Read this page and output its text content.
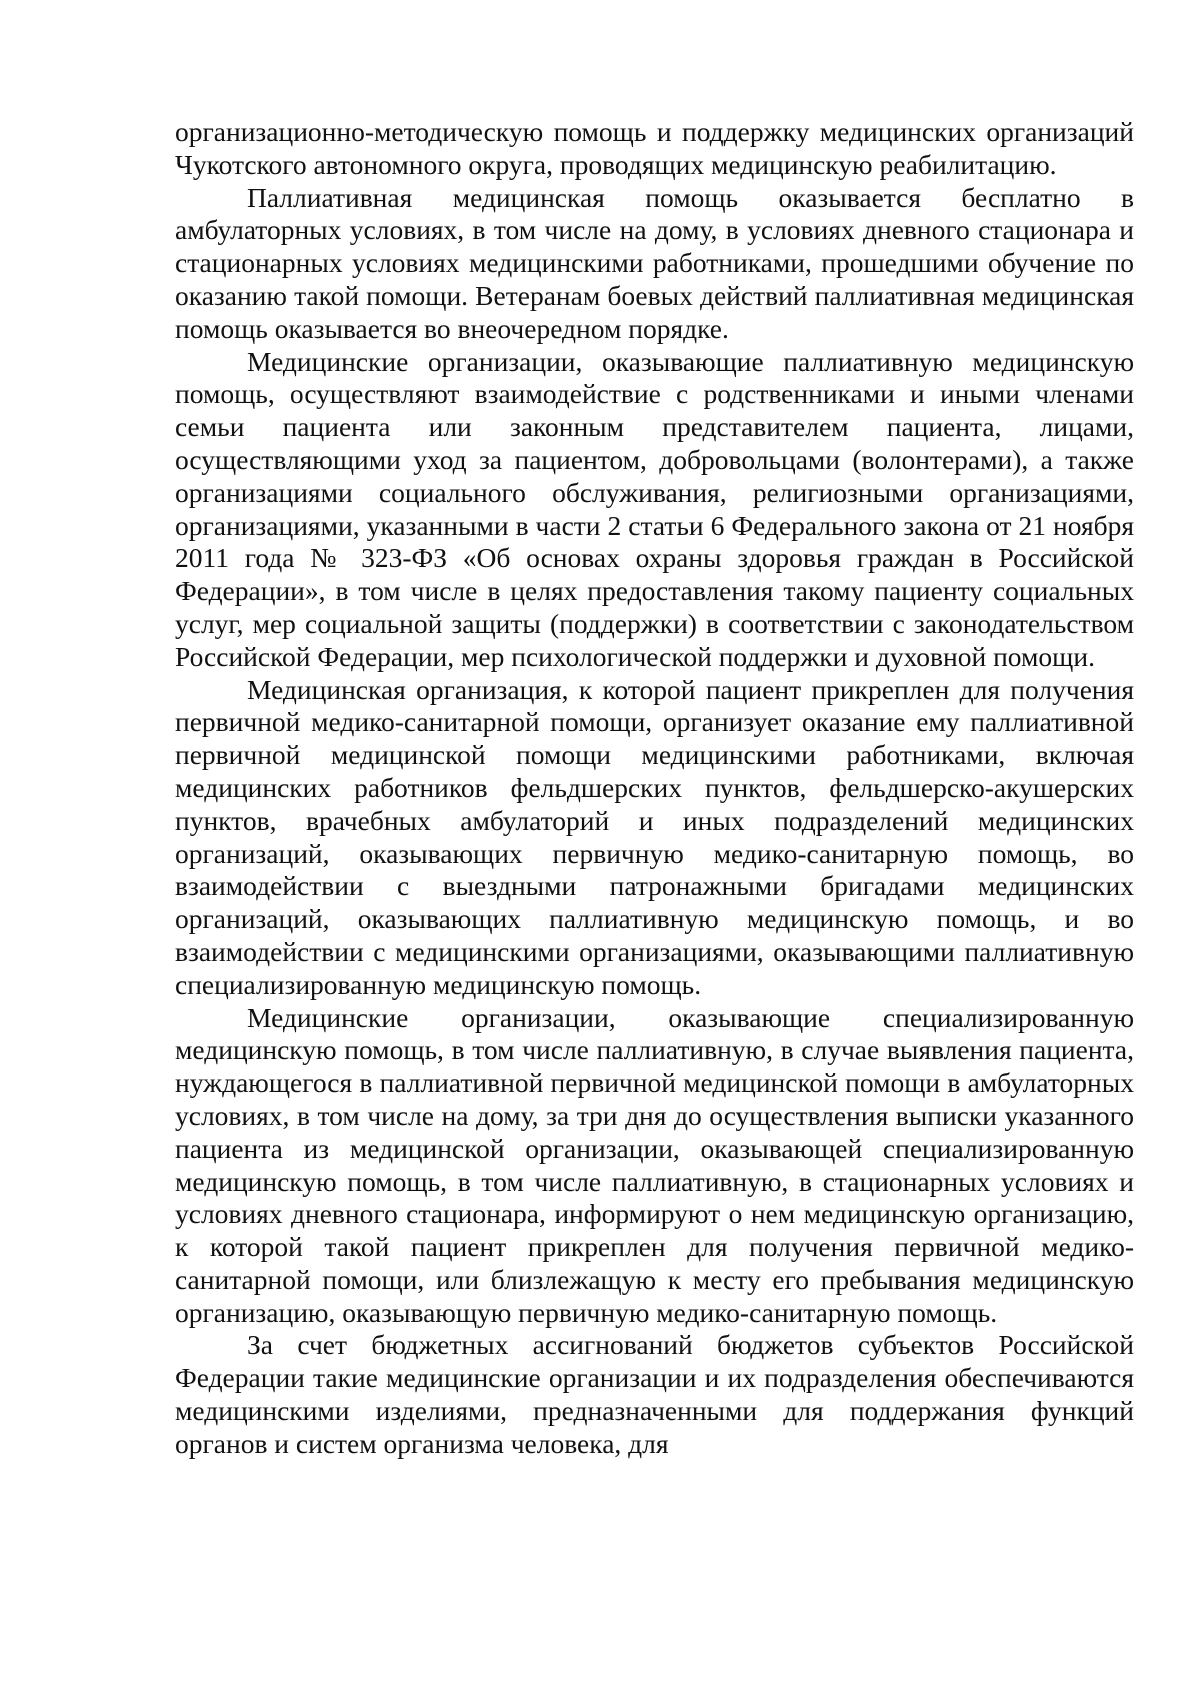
организационно-методическую помощь и поддержку медицинских организаций Чукотского автономного округа, проводящих медицинскую реабилитацию.

Паллиативная медицинская помощь оказывается бесплатно в амбулаторных условиях, в том числе на дому, в условиях дневного стационара и стационарных условиях медицинскими работниками, прошедшими обучение по оказанию такой помощи. Ветеранам боевых действий паллиативная медицинская помощь оказывается во внеочередном порядке.

Медицинские организации, оказывающие паллиативную медицинскую помощь, осуществляют взаимодействие с родственниками и иными членами семьи пациента или законным представителем пациента, лицами, осуществляющими уход за пациентом, добровольцами (волонтерами), а также организациями социального обслуживания, религиозными организациями, организациями, указанными в части 2 статьи 6 Федерального закона от 21 ноября 2011 года № 323-ФЗ «Об основах охраны здоровья граждан в Российской Федерации», в том числе в целях предоставления такому пациенту социальных услуг, мер социальной защиты (поддержки) в соответствии с законодательством Российской Федерации, мер психологической поддержки и духовной помощи.

Медицинская организация, к которой пациент прикреплен для получения первичной медико-санитарной помощи, организует оказание ему паллиативной первичной медицинской помощи медицинскими работниками, включая медицинских работников фельдшерских пунктов, фельдшерско-акушерских пунктов, врачебных амбулаторий и иных подразделений медицинских организаций, оказывающих первичную медико-санитарную помощь, во взаимодействии с выездными патронажными бригадами медицинских организаций, оказывающих паллиативную медицинскую помощь, и во взаимодействии с медицинскими организациями, оказывающими паллиативную специализированную медицинскую помощь.

Медицинские организации, оказывающие специализированную медицинскую помощь, в том числе паллиативную, в случае выявления пациента, нуждающегося в паллиативной первичной медицинской помощи в амбулаторных условиях, в том числе на дому, за три дня до осуществления выписки указанного пациента из медицинской организации, оказывающей специализированную медицинскую помощь, в том числе паллиативную, в стационарных условиях и условиях дневного стационара, информируют о нем медицинскую организацию, к которой такой пациент прикреплен для получения первичной медико-санитарной помощи, или близлежащую к месту его пребывания медицинскую организацию, оказывающую первичную медико-санитарную помощь.

За счет бюджетных ассигнований бюджетов субъектов Российской Федерации такие медицинские организации и их подразделения обеспечиваются медицинскими изделиями, предназначенными для поддержания функций органов и систем организма человека, для
